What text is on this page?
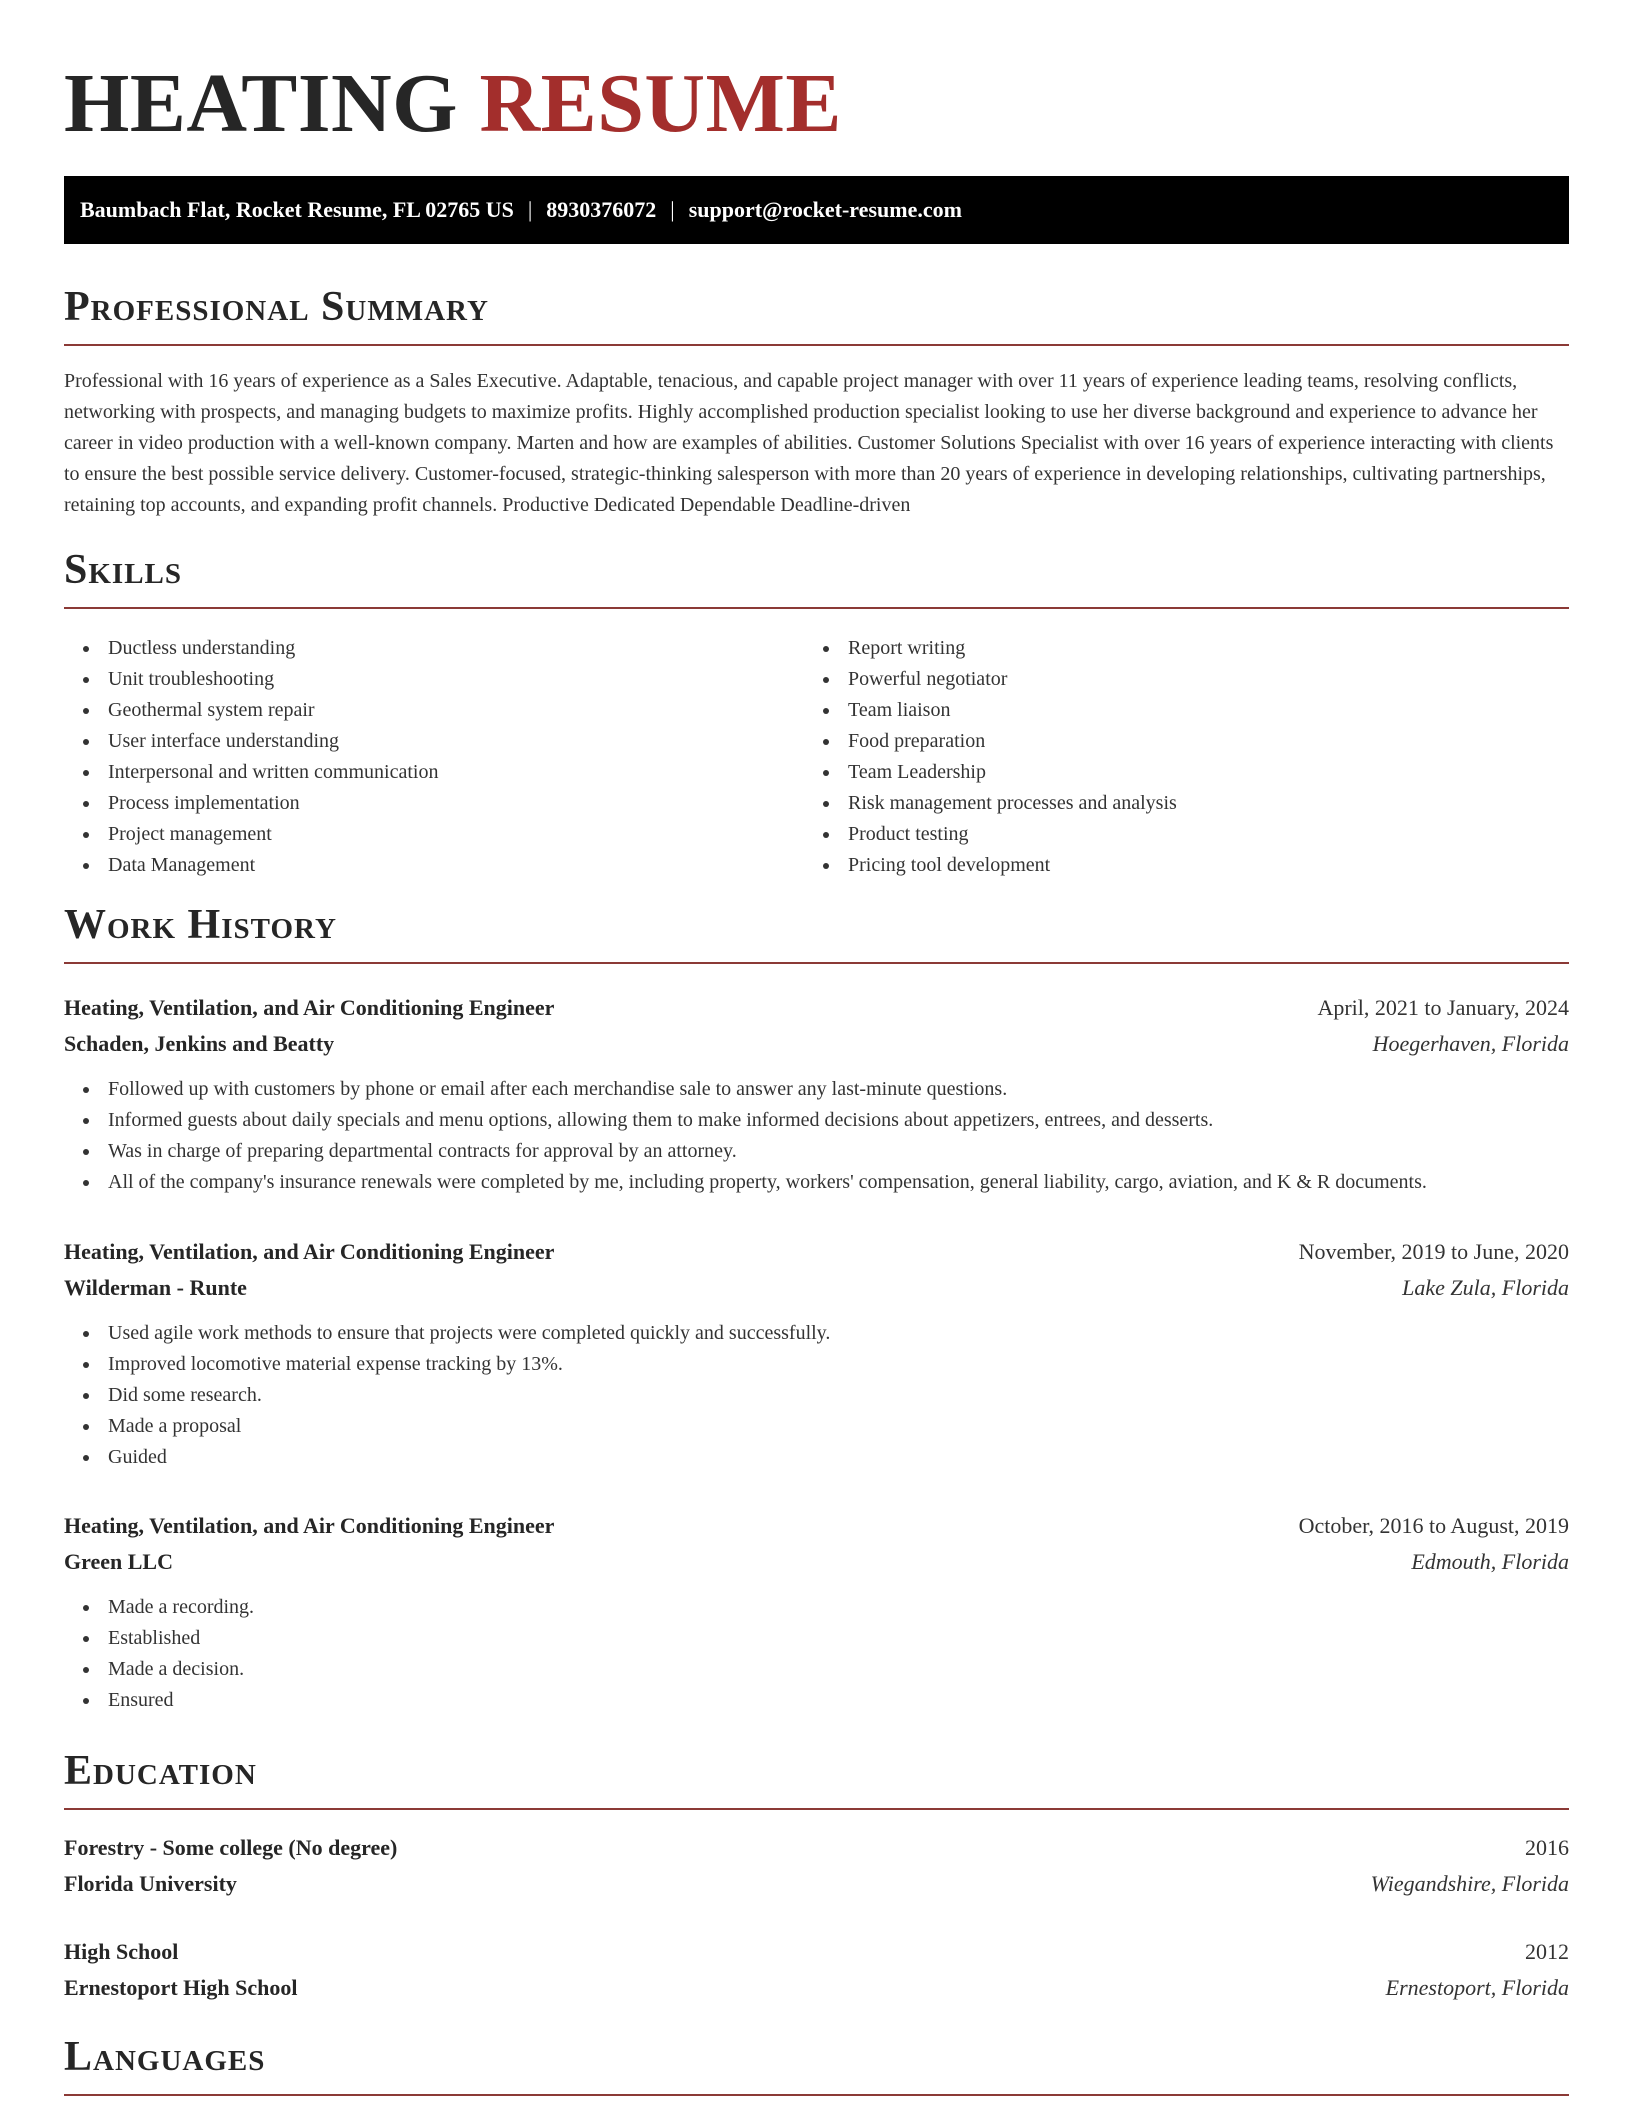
HEATING RESUME
Baumbach Flat, Rocket Resume, FL 02765 US | 8930376072 | support@rocket-resume.com
Professional Summary

Professional with 16 years of experience as a Sales Executive. Adaptable, tenacious, and capable project manager with over 11 years of experience leading teams, resolving conflicts, networking with prospects, and managing budgets to maximize profits. Highly accomplished production specialist looking to use her diverse background and experience to advance her career in video production with a well-known company. Marten and how are examples of abilities. Customer Solutions Specialist with over 16 years of experience interacting with clients to ensure the best possible service delivery. Customer-focused, strategic-thinking salesperson with more than 20 years of experience in developing relationships, cultivating partnerships, retaining top accounts, and expanding profit channels. Productive Dedicated Dependable Deadline-driven

Skills
Ductless understanding
Unit troubleshooting
Geothermal system repair
User interface understanding
Interpersonal and written communication
Process implementation
Project management
Data Management
Report writing
Powerful negotiator
Team liaison
Food preparation
Team Leadership
Risk management processes and analysis
Product testing
Pricing tool development
Work History
Heating, Ventilation, and Air Conditioning Engineer	April, 2021 to January, 2024
Schaden, Jenkins and Beatty	Hoegerhaven, Florida
Followed up with customers by phone or email after each merchandise sale to answer any last-minute questions.
Informed guests about daily specials and menu options, allowing them to make informed decisions about appetizers, entrees, and desserts.
Was in charge of preparing departmental contracts for approval by an attorney.
All of the company's insurance renewals were completed by me, including property, workers' compensation, general liability, cargo, aviation, and K & R documents.
Heating, Ventilation, and Air Conditioning Engineer	November, 2019 to June, 2020
Wilderman - Runte	Lake Zula, Florida
Used agile work methods to ensure that projects were completed quickly and successfully.
Improved locomotive material expense tracking by 13%.
Did some research.
Made a proposal
Guided
Heating, Ventilation, and Air Conditioning Engineer	October, 2016 to August, 2019
Green LLC	Edmouth, Florida
Made a recording.
Established
Made a decision.
Ensured
Education
Forestry - Some college (No degree)	2016
Florida University	Wiegandshire, Florida
High School	2012
Ernestoport High School	Ernestoport, Florida
Languages
